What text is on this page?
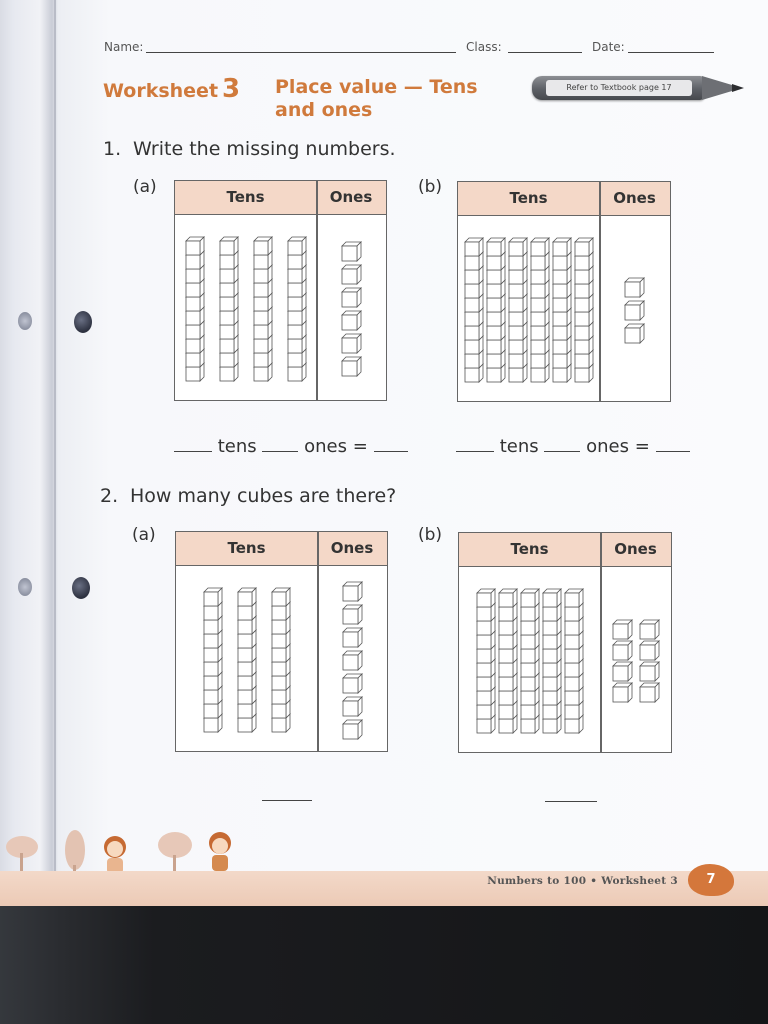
Name:	Class:	Date:
Worksheet 3 Place value — Tens and ones
Refer to Textbook page 17
1. Write the missing numbers.
(a)	(b)
Tens	Ones	Tens	Ones
tens	ones =	tens	ones =
2. How many cubes are there?
(a)	(b)
Tens	Ones	Tens	Ones
Numbers to 100 • Worksheet 3	7
